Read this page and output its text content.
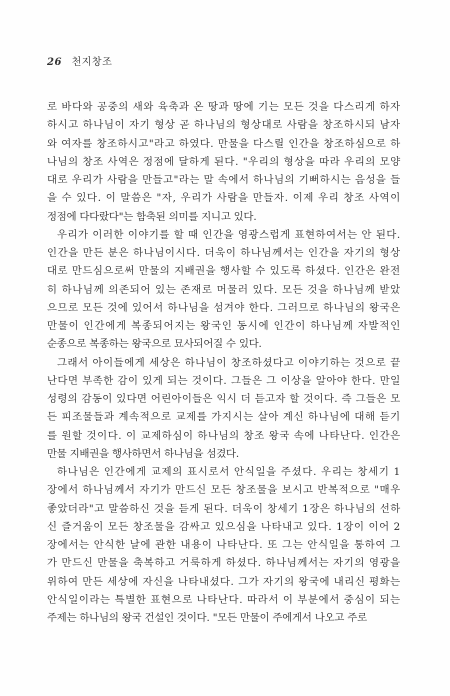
26 천지창조
로 바다와 공중의 새와 육축과 온 땅과 땅에 기는 모든 것을 다스리게 하자
하시고 하나님이 자기 형상 곧 하나님의 형상대로 사람을 창조하시되 남자
와 여자를 창조하시고"라고 하였다. 만물을 다스릴 인간을 창조하심으로 하
나님의 창조 사역은 정점에 달하게 된다. "우리의 형상을 따라 우리의 모양
대로 우리가 사람을 만들고"라는 말 속에서 하나님의 기뻐하시는 음성을 들
을 수 있다. 이 말씀은 "자, 우리가 사람을 만들자. 이제 우리 창조 사역이
정점에 다다랐다"는 함축된 의미를 지니고 있다.
우리가 이러한 이야기를 할 때 인간을 영광스럽게 표현하여서는 안 된다.
인간을 만든 분은 하나님이시다. 더욱이 하나님께서는 인간을 자기의 형상
대로 만드심으로써 만물의 지배권을 행사할 수 있도록 하셨다. 인간은 완전
히 하나님께 의존되어 있는 존재로 머물러 있다. 모든 것을 하나님께 받았
으므로 모든 것에 있어서 하나님을 섬겨야 한다. 그러므로 하나님의 왕국은
만물이 인간에게 복종되어지는 왕국인 동시에 인간이 하나님께 자발적인
순종으로 복종하는 왕국으로 묘사되어질 수 있다.
그래서 아이들에게 세상은 하나님이 창조하셨다고 이야기하는 것으로 끝
난다면 부족한 감이 있게 되는 것이다. 그들은 그 이상을 알아야 한다. 만일
성령의 감동이 있다면 어린아이들은 익시 더 듣고자 할 것이다. 즉 그들은 모
든 피조물들과 계속적으로 교제를 가지시는 살아 계신 하나님에 대해 듣기
를 원할 것이다. 이 교제하심이 하나님의 창조 왕국 속에 나타난다. 인간은
만물 지배권을 행사하면서 하나님을 섬겼다.
하나님은 인간에게 교제의 표시로서 안식일을 주셨다. 우리는 창세기 1
장에서 하나님께서 자기가 만드신 모든 창조물을 보시고 반복적으로 "매우
좋았더라"고 말씀하신 것을 듣게 된다. 더욱이 창세기 1장은 하나님의 선하
신 즐거움이 모든 창조물을 감싸고 있으심을 나타내고 있다. 1장이 이어 2
장에서는 안식한 날에 관한 내용이 나타난다. 또 그는 안식일을 통하여 그
가 만드신 만물을 축복하고 거룩하게 하셨다. 하나님께서는 자기의 영광을
위하여 만든 세상에 자신을 나타내셨다. 그가 자기의 왕국에 내리신 평화는
안식일이라는 특별한 표현으로 나타난다. 따라서 이 부분에서 중심이 되는
주제는 하나님의 왕국 건설인 것이다. "모든 만물이 주에게서 나오고 주로
